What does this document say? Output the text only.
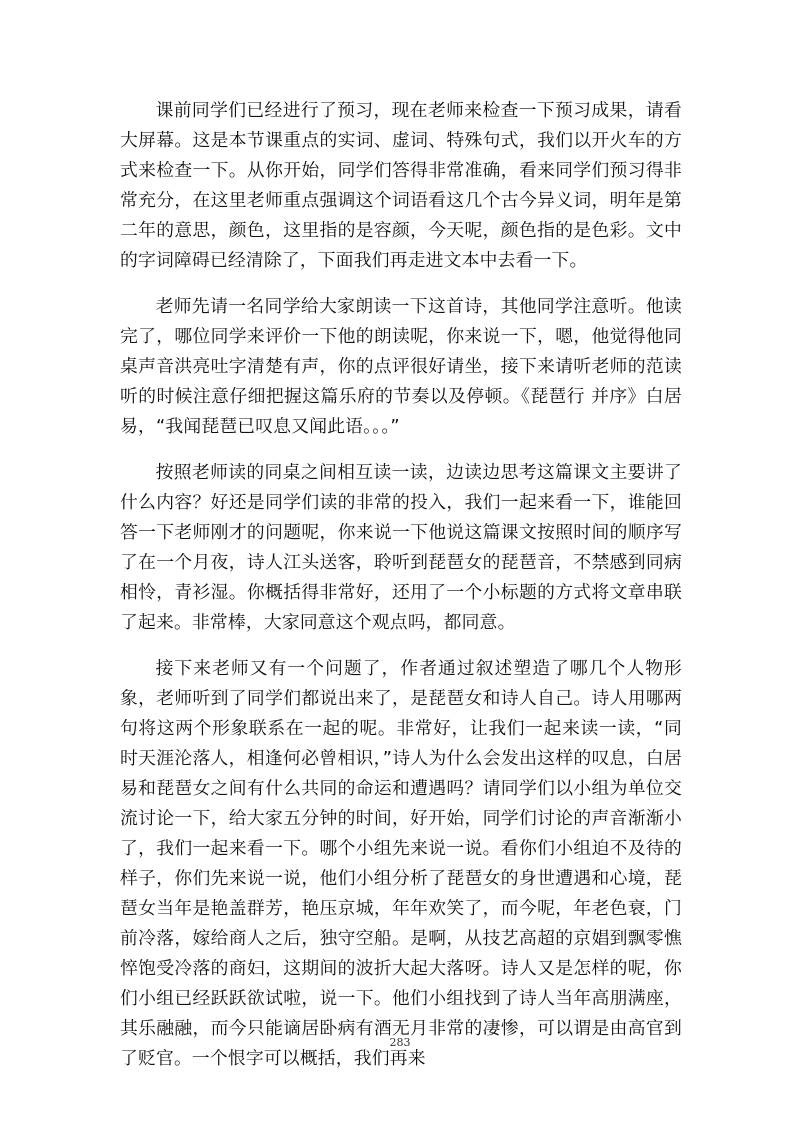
课前同学们已经进行了预习，现在老师来检查一下预习成果，请看大屏幕。这是本节课重点的实词、虚词、特殊句式，我们以开火车的方式来检查一下。从你开始，同学们答得非常准确，看来同学们预习得非常充分，在这里老师重点强调这个词语看这几个古今异义词，明年是第二年的意思，颜色，这里指的是容颜，今天呢，颜色指的是色彩。文中的字词障碍已经清除了，下面我们再走进文本中去看一下。

老师先请一名同学给大家朗读一下这首诗，其他同学注意听。他读完了，哪位同学来评价一下他的朗读呢，你来说一下，嗯，他觉得他同桌声音洪亮吐字清楚有声，你的点评很好请坐，接下来请听老师的范读听的时候注意仔细把握这篇乐府的节奏以及停顿。《琵琶行 并序》白居易，“我闻琵琶已叹息又闻此语。。。”

按照老师读的同桌之间相互读一读，边读边思考这篇课文主要讲了什么内容？好还是同学们读的非常的投入，我们一起来看一下，谁能回答一下老师刚才的问题呢，你来说一下他说这篇课文按照时间的顺序写了在一个月夜，诗人江头送客，聆听到琵琶女的琵琶音，不禁感到同病相怜，青衫湿。你概括得非常好，还用了一个小标题的方式将文章串联了起来。非常棒，大家同意这个观点吗，都同意。

接下来老师又有一个问题了，作者通过叙述塑造了哪几个人物形象，老师听到了同学们都说出来了，是琵琶女和诗人自己。诗人用哪两句将这两个形象联系在一起的呢。非常好，让我们一起来读一读，“同时天涯沦落人，相逢何必曾相识，”诗人为什么会发出这样的叹息，白居易和琵琶女之间有什么共同的命运和遭遇吗？请同学们以小组为单位交流讨论一下，给大家五分钟的时间，好开始，同学们讨论的声音渐渐小了，我们一起来看一下。哪个小组先来说一说。看你们小组迫不及待的样子，你们先来说一说，他们小组分析了琵琶女的身世遭遇和心境，琵琶女当年是艳盖群芳，艳压京城，年年欢笑了，而今呢，年老色衰，门前冷落，嫁给商人之后，独守空船。是啊，从技艺高超的京娼到飘零憔悴饱受冷落的商妇，这期间的波折大起大落呀。诗人又是怎样的呢，你们小组已经跃跃欲试啦，说一下。他们小组找到了诗人当年高朋满座，其乐融融，而今只能谪居卧病有酒无月非常的凄惨，可以谓是由高官到了贬官。一个恨字可以概括，我们再来

283
